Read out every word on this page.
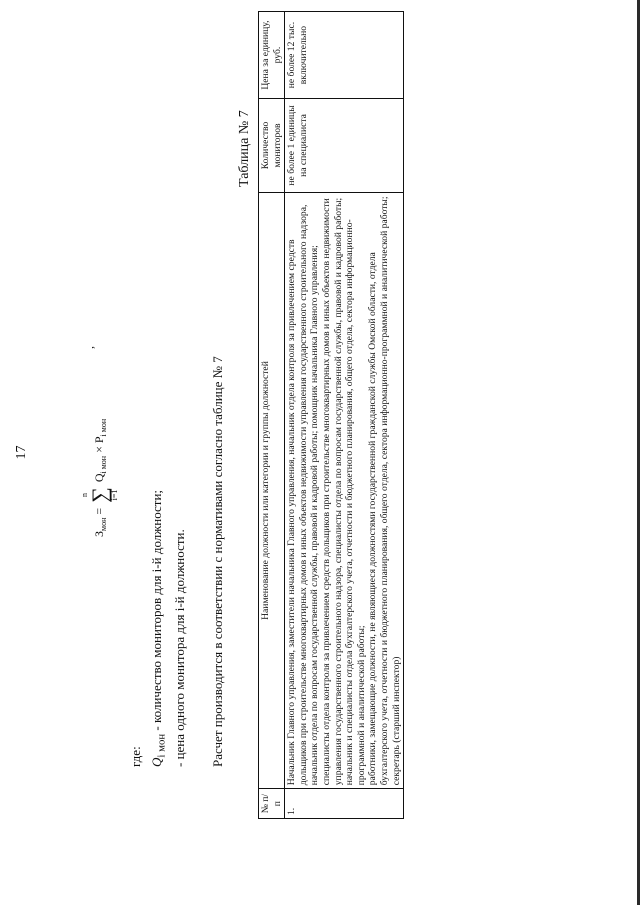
17
$З_{мон}$ =
n
∑
i=1
$Q_{i мон} \times P_{i мон}$
,
где: $Q_{i мон}$ - количество мониторов для i-й должности; - цена одного монитора для i-й должности. Расчет производится в соответствии с нормативами согласно таблице № 7
Таблица № 7
№ п/п	Наименование должности или категории и группы должностей	Количество мониторов	Цена за единицу, руб.
1.	Начальник Главного управления, заместители начальника Главного управления, начальник отдела контроля за привлечением средств дольщиков при строительстве многоквартирных домов и иных объектов недвижимости управления государственного строительного надзора, начальник отдела по вопросам государственной службы, правовой и кадровой работы; помощник начальника Главного управления; специалисты отдела контроля за привлечением средств дольщиков при строительстве многоквартирных домов и иных объектов недвижимости управления государственного строительного надзора, специалисты отдела по вопросам государственной службы, правовой и кадровой работы; начальник и специалисты отдела бухгалтерского учета, отчетности и бюджетного планирования, общего отдела, сектора информационно-программной и аналитической работы; работники, замещающие должности, не являющиеся должностями государственной гражданской службы Омской области, отдела бухгалтерского учета, отчетности и бюджетного планирования, общего отдела, сектора информационно-программной и аналитической работы; секретарь (старший инспектор)	не более 1 единицы на специалиста	не более 12 тыс. включительно
